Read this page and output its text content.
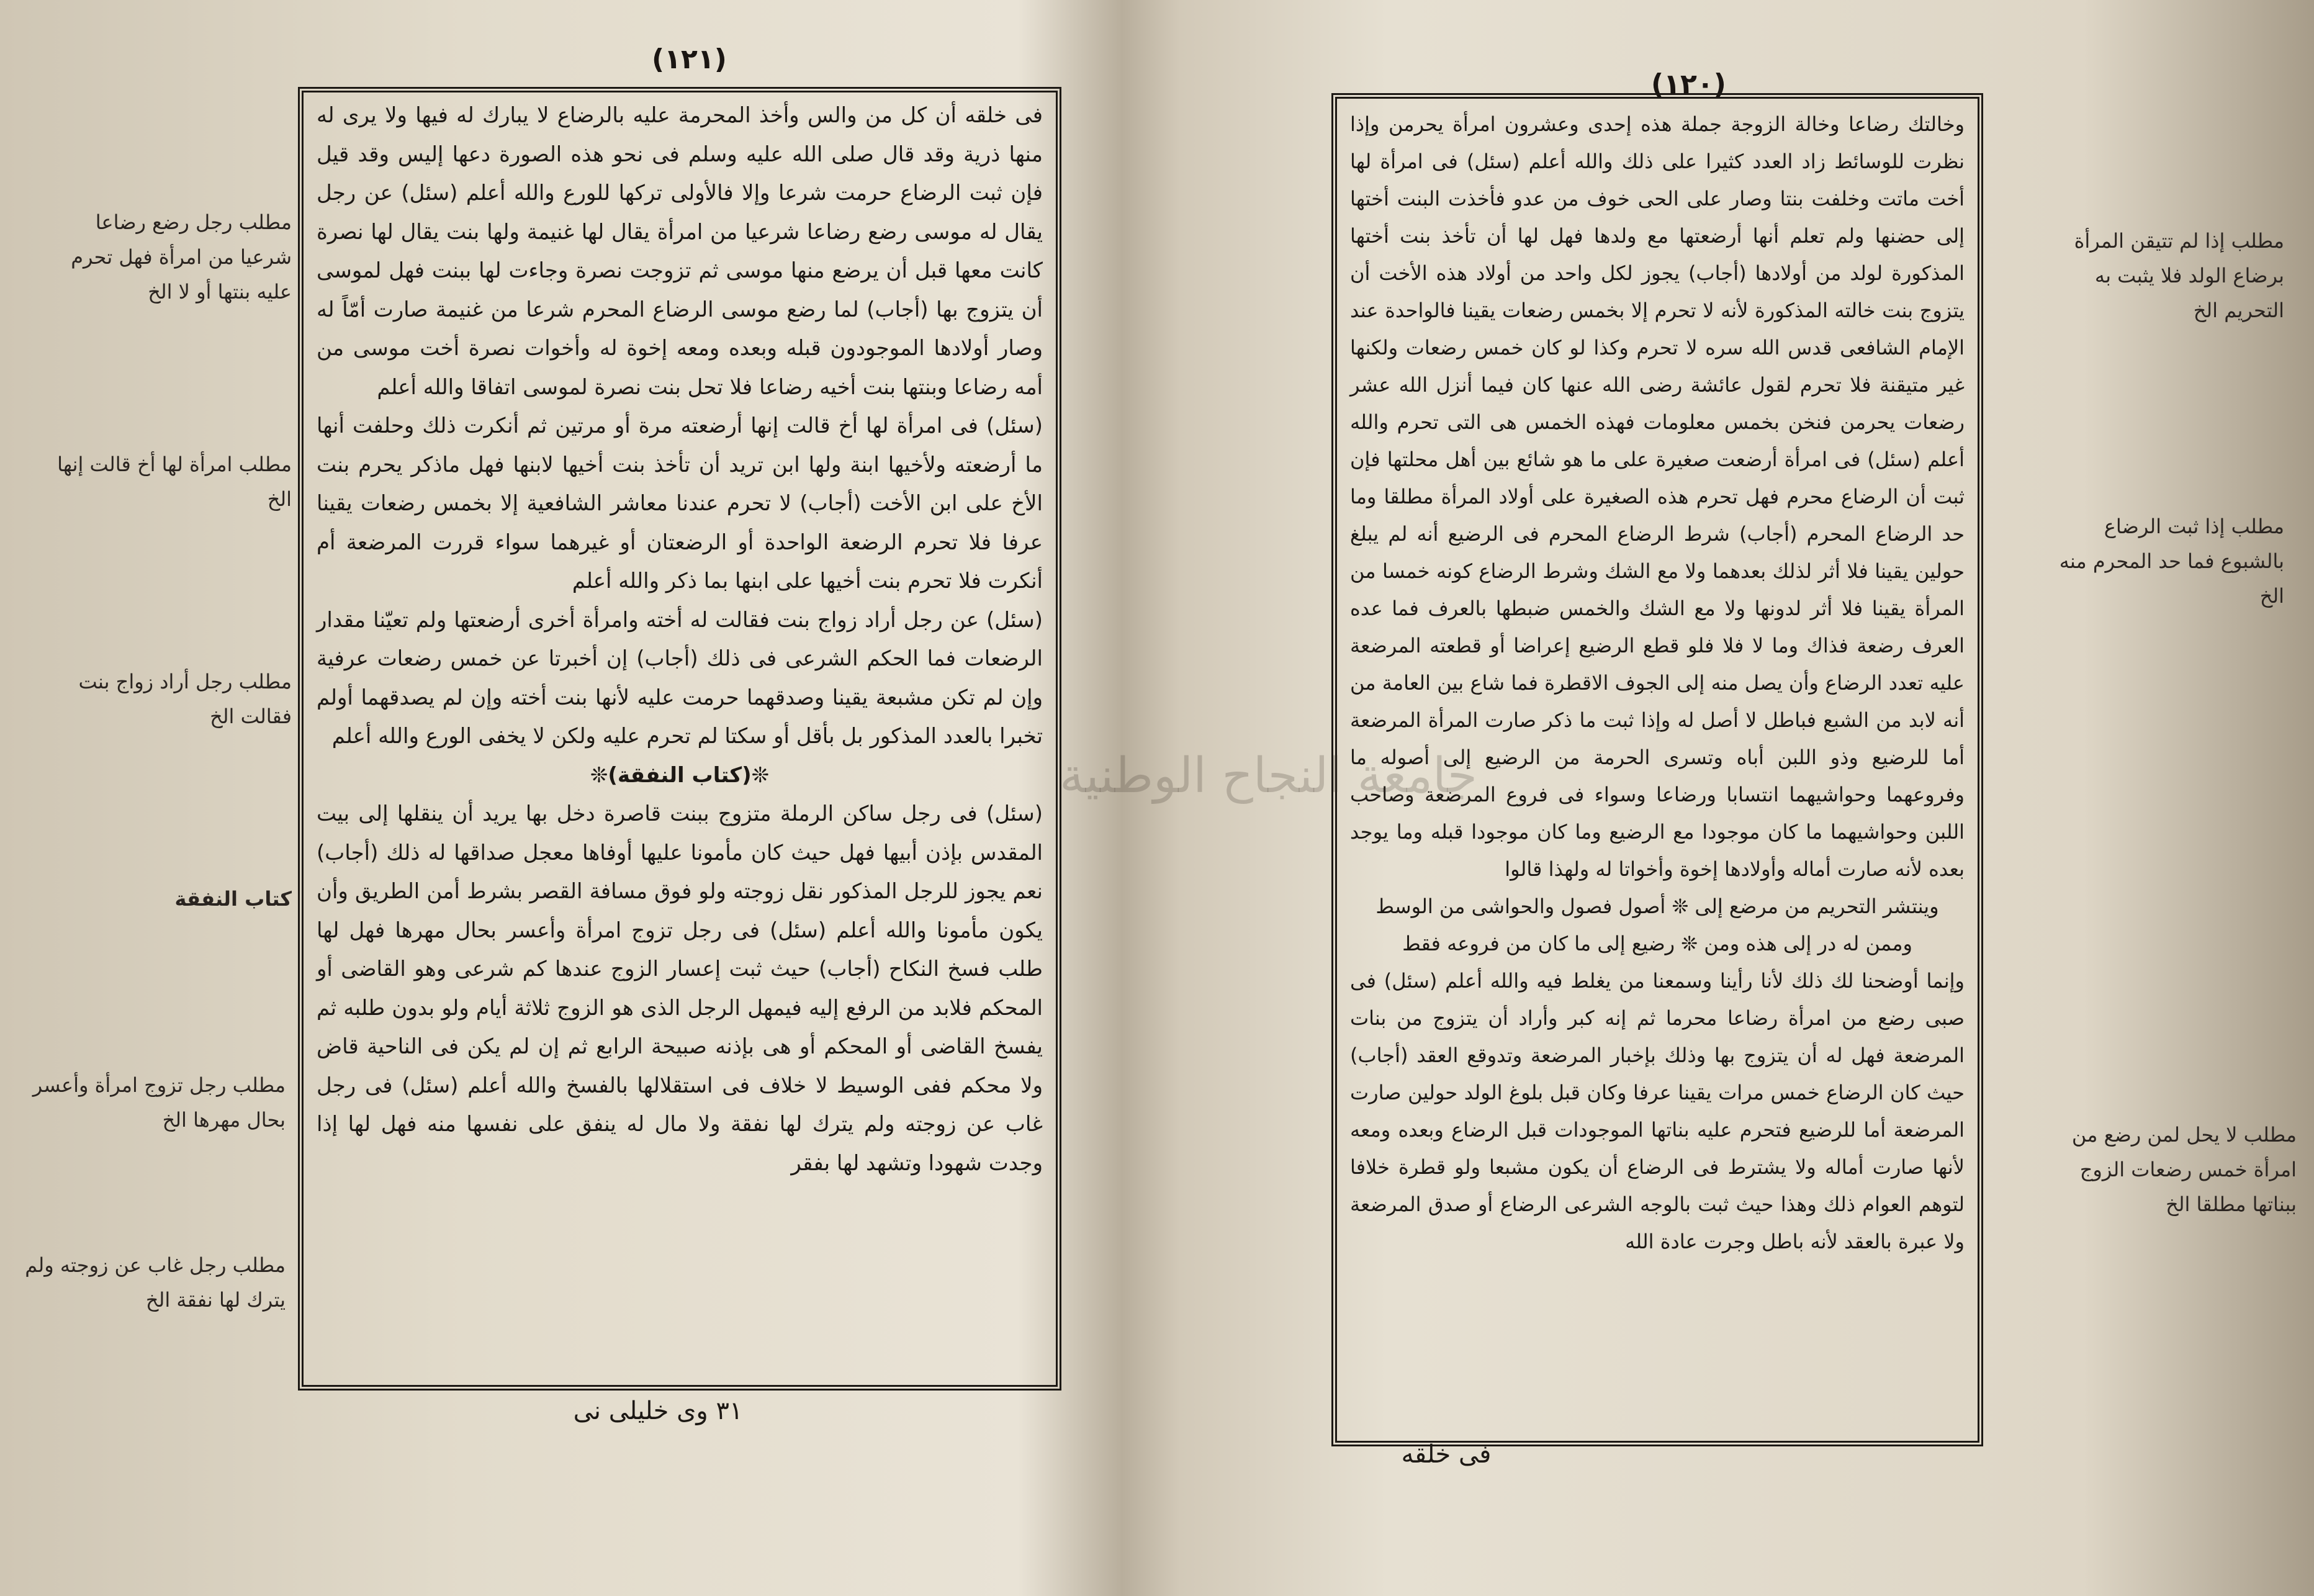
(١٢١)

فى خلقه أن كل من والس وأخذ المحرمة عليه بالرضاع لا يبارك له فيها ولا يرى له منها ذرية وقد قال صلى الله عليه وسلم فى نحو هذه الصورة دعها إليس وقد قيل فإن ثبت الرضاع حرمت شرعا وإلا فالأولى تركها للورع والله أعلم (سئل) عن رجل يقال له موسى رضع رضاعا شرعيا من امرأة يقال لها غنيمة ولها بنت يقال لها نصرة كانت معها قبل أن يرضع منها موسى ثم تزوجت نصرة وجاءت لها ببنت فهل لموسى أن يتزوج بها (أجاب) لما رضع موسى الرضاع المحرم شرعا من غنيمة صارت أمّاً له وصار أولادها الموجودون قبله وبعده ومعه إخوة له وأخوات نصرة أخت موسى من أمه رضاعا وبنتها بنت أخيه رضاعا فلا تحل بنت نصرة لموسى اتفاقا والله أعلم

(سئل) فى امرأة لها أخ قالت إنها أرضعته مرة أو مرتين ثم أنكرت ذلك وحلفت أنها ما أرضعته ولأخيها ابنة ولها ابن تريد أن تأخذ بنت أخيها لابنها فهل ماذكر يحرم بنت الأخ على ابن الأخت (أجاب) لا تحرم عندنا معاشر الشافعية إلا بخمس رضعات يقينا عرفا فلا تحرم الرضعة الواحدة أو الرضعتان أو غيرهما سواء قررت المرضعة أم أنكرت فلا تحرم بنت أخيها على ابنها بما ذكر والله أعلم

(سئل) عن رجل أراد زواج بنت فقالت له أخته وامرأة أخرى أرضعتها ولم تعيّنا مقدار الرضعات فما الحكم الشرعى فى ذلك (أجاب) إن أخبرتا عن خمس رضعات عرفية وإن لم تكن مشبعة يقينا وصدقهما حرمت عليه لأنها بنت أخته وإن لم يصدقهما أولم تخبرا بالعدد المذكور بل بأقل أو سكتا لم تحرم عليه ولكن لا يخفى الورع والله أعلم

❊(كتاب النفقة)❊

(سئل) فى رجل ساكن الرملة متزوج ببنت قاصرة دخل بها يريد أن ينقلها إلى بيت المقدس بإذن أبيها فهل حيث كان مأمونا عليها أوفاها معجل صداقها له ذلك (أجاب) نعم يجوز للرجل المذكور نقل زوجته ولو فوق مسافة القصر بشرط أمن الطريق وأن يكون مأمونا والله أعلم (سئل) فى رجل تزوج امرأة وأعسر بحال مهرها فهل لها طلب فسخ النكاح (أجاب) حيث ثبت إعسار الزوج عندها كم شرعى وهو القاضى أو المحكم فلابد من الرفع إليه فيمهل الرجل الذى هو الزوج ثلاثة أيام ولو بدون طلبه ثم يفسخ القاضى أو المحكم أو هى بإذنه صبيحة الرابع ثم إن لم يكن فى الناحية قاض ولا محكم ففى الوسيط لا خلاف فى استقلالها بالفسخ والله أعلم (سئل) فى رجل غاب عن زوجته ولم يترك لها نفقة ولا مال له ينفق على نفسها منه فهل لها إذا وجدت شهودا وتشهد لها بفقر

٣١ وى خليلى نى
مطلب رجل رضع رضاعا شرعيا من امرأة فهل تحرم عليه بنتها أو لا الخ
مطلب امرأة لها أخ قالت إنها الخ
مطلب رجل أراد زواج بنت فقالت الخ
كتاب النفقة
مطلب رجل تزوج امرأة وأعسر بحال مهرها الخ
مطلب رجل غاب عن زوجته ولم يترك لها نفقة الخ
(١٢٠)

وخالتك رضاعا وخالة الزوجة جملة هذه إحدى وعشرون امرأة يحرمن وإذا نظرت للوسائط زاد العدد كثيرا على ذلك والله أعلم (سئل) فى امرأة لها أخت ماتت وخلفت بنتا وصار على الحى خوف من عدو فأخذت البنت أختها إلى حضنها ولم تعلم أنها أرضعتها مع ولدها فهل لها أن تأخذ بنت أختها المذكورة لولد من أولادها (أجاب) يجوز لكل واحد من أولاد هذه الأخت أن يتزوج بنت خالته المذكورة لأنه لا تحرم إلا بخمس رضعات يقينا فالواحدة عند الإمام الشافعى قدس الله سره لا تحرم وكذا لو كان خمس رضعات ولكنها غير متيقنة فلا تحرم لقول عائشة رضى الله عنها كان فيما أنزل الله عشر رضعات يحرمن فنخن بخمس معلومات فهذه الخمس هى التى تحرم والله أعلم (سئل) فى امرأة أرضعت صغيرة على ما هو شائع بين أهل محلتها فإن ثبت أن الرضاع محرم فهل تحرم هذه الصغيرة على أولاد المرأة مطلقا وما حد الرضاع المحرم (أجاب) شرط الرضاع المحرم فى الرضيع أنه لم يبلغ حولين يقينا فلا أثر لذلك بعدهما ولا مع الشك وشرط الرضاع كونه خمسا من المرأة يقينا فلا أثر لدونها ولا مع الشك والخمس ضبطها بالعرف فما عده العرف رضعة فذاك وما لا فلا فلو قطع الرضيع إعراضا أو قطعته المرضعة عليه تعدد الرضاع وأن يصل منه إلى الجوف الاقطرة فما شاع بين العامة من أنه لابد من الشبع فباطل لا أصل له وإذا ثبت ما ذكر صارت المرأة المرضعة أما للرضيع وذو اللبن أباه وتسرى الحرمة من الرضيع إلى أصوله ما وفروعهما وحواشيهما انتسابا ورضاعا وسواء فى فروع المرضعة وصاحب اللبن وحواشيهما ما كان موجودا مع الرضيع وما كان موجودا قبله وما يوجد بعده لأنه صارت أماله وأولادها إخوة وأخواتا له ولهذا قالوا

وينتشر التحريم من مرضع إلى ❊ أصول فصول والحواشى من الوسط

وممن له در إلى هذه ومن ❊ رضيع إلى ما كان من فروعه فقط

وإنما أوضحنا لك ذلك لأنا رأينا وسمعنا من يغلط فيه والله أعلم (سئل) فى صبى رضع من امرأة رضاعا محرما ثم إنه كبر وأراد أن يتزوج من بنات المرضعة فهل له أن يتزوج بها وذلك بإخبار المرضعة وتدوقع العقد (أجاب) حيث كان الرضاع خمس مرات يقينا عرفا وكان قبل بلوغ الولد حولين صارت المرضعة أما للرضيع فتحرم عليه بناتها الموجودات قبل الرضاع وبعده ومعه لأنها صارت أماله ولا يشترط فى الرضاع أن يكون مشبعا ولو قطرة خلافا لتوهم العوام ذلك وهذا حيث ثبت بالوجه الشرعى الرضاع أو صدق المرضعة ولا عبرة بالعقد لأنه باطل وجرت عادة الله

فى خلقه
مطلب إذا لم تتيقن المرأة برضاع الولد فلا يثبت به التحريم الخ
مطلب إذا ثبت الرضاع بالشبوع فما حد المحرم منه الخ
مطلب لا يحل لمن رضع من امرأة خمس رضعات الزوج ببناتها مطلقا الخ
جامعة النجاح الوطنية
